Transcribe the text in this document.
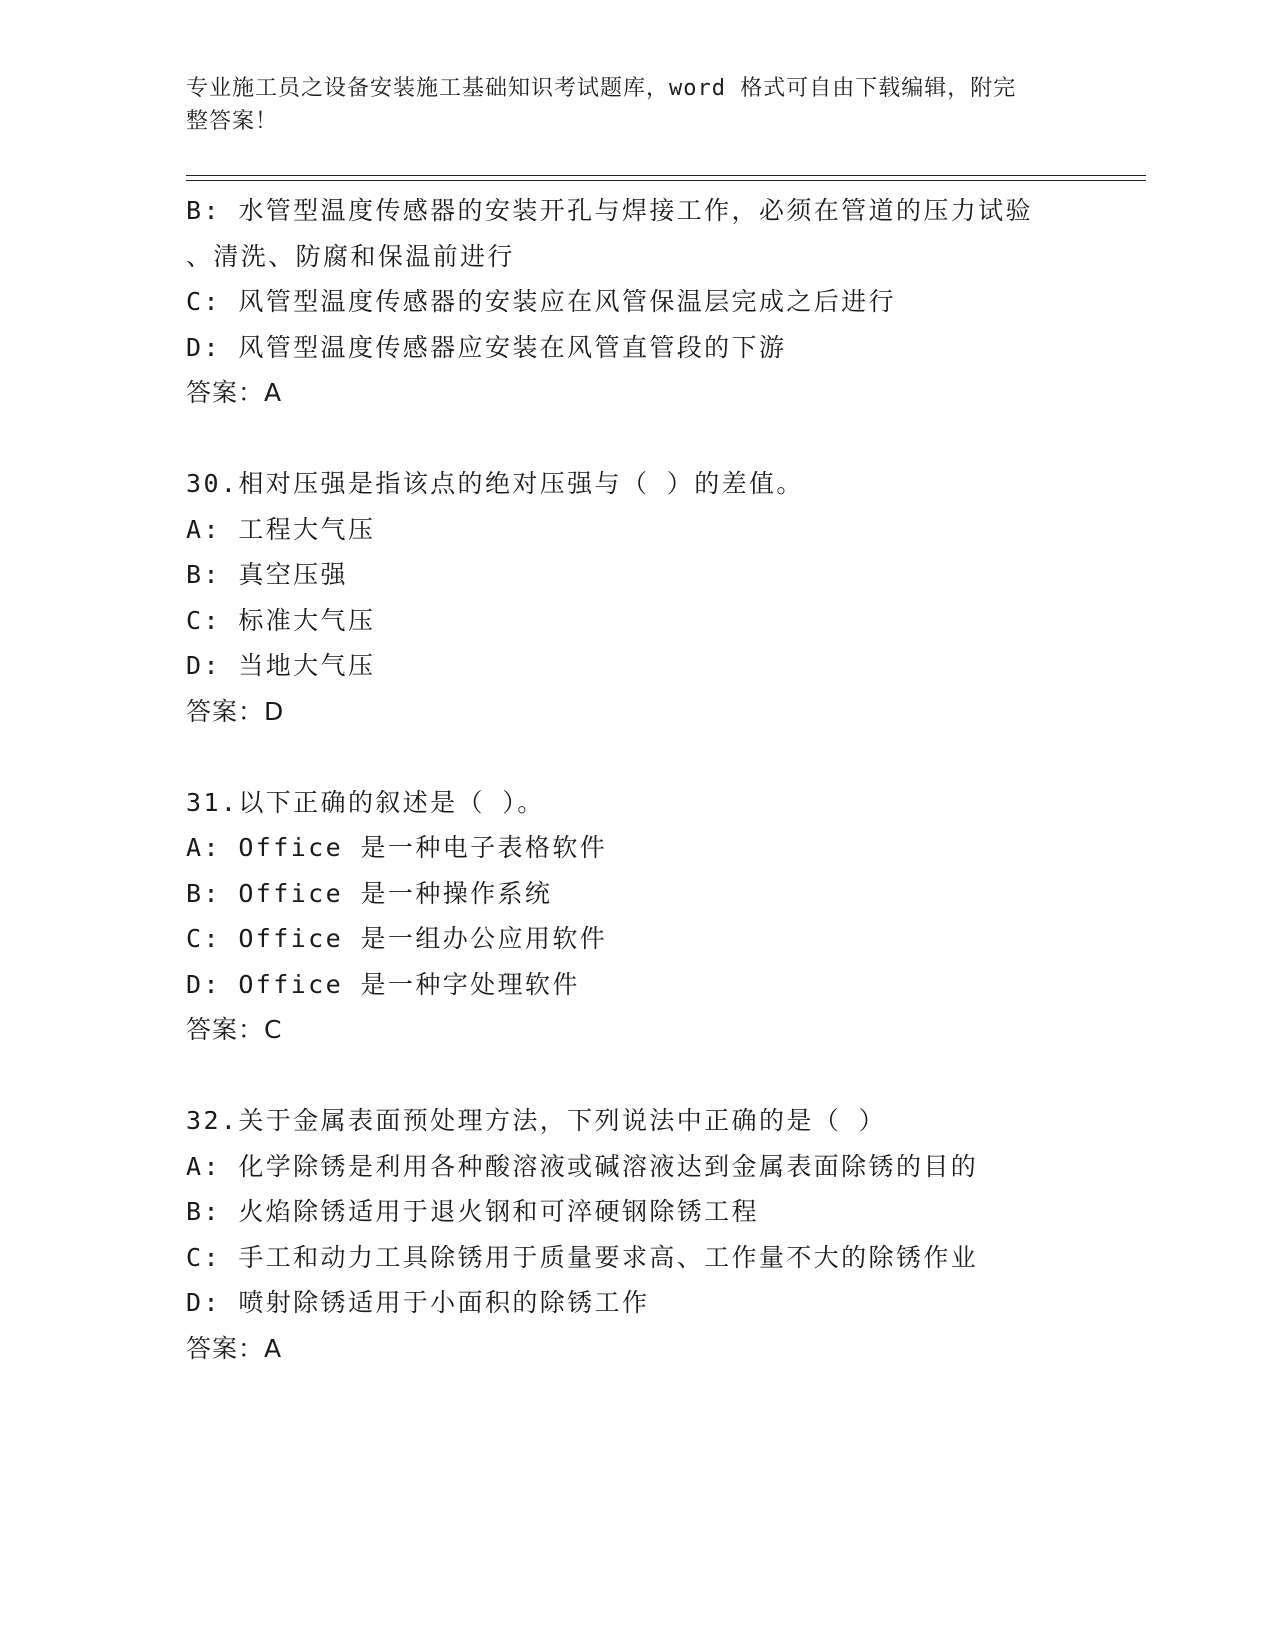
专业施工员之设备安装施工基础知识考试题库，word 格式可自由下载编辑，附完
整答案！
B: 水管型温度传感器的安装开孔与焊接工作，必须在管道的压力试验
、清洗、防腐和保温前进行
C: 风管型温度传感器的安装应在风管保温层完成之后进行
D: 风管型温度传感器应安装在风管直管段的下游
答案：A
30.相对压强是指该点的绝对压强与（ ）的差值。
A: 工程大气压
B: 真空压强
C: 标准大气压
D: 当地大气压
答案：D
31.以下正确的叙述是（ ）。
A: Office 是一种电子表格软件
B: Office 是一种操作系统
C: Office 是一组办公应用软件
D: Office 是一种字处理软件
答案：C
32.关于金属表面预处理方法，下列说法中正确的是（ ）
A: 化学除锈是利用各种酸溶液或碱溶液达到金属表面除锈的目的
B: 火焰除锈适用于退火钢和可淬硬钢除锈工程
C: 手工和动力工具除锈用于质量要求高、工作量不大的除锈作业
D: 喷射除锈适用于小面积的除锈工作
答案：A
